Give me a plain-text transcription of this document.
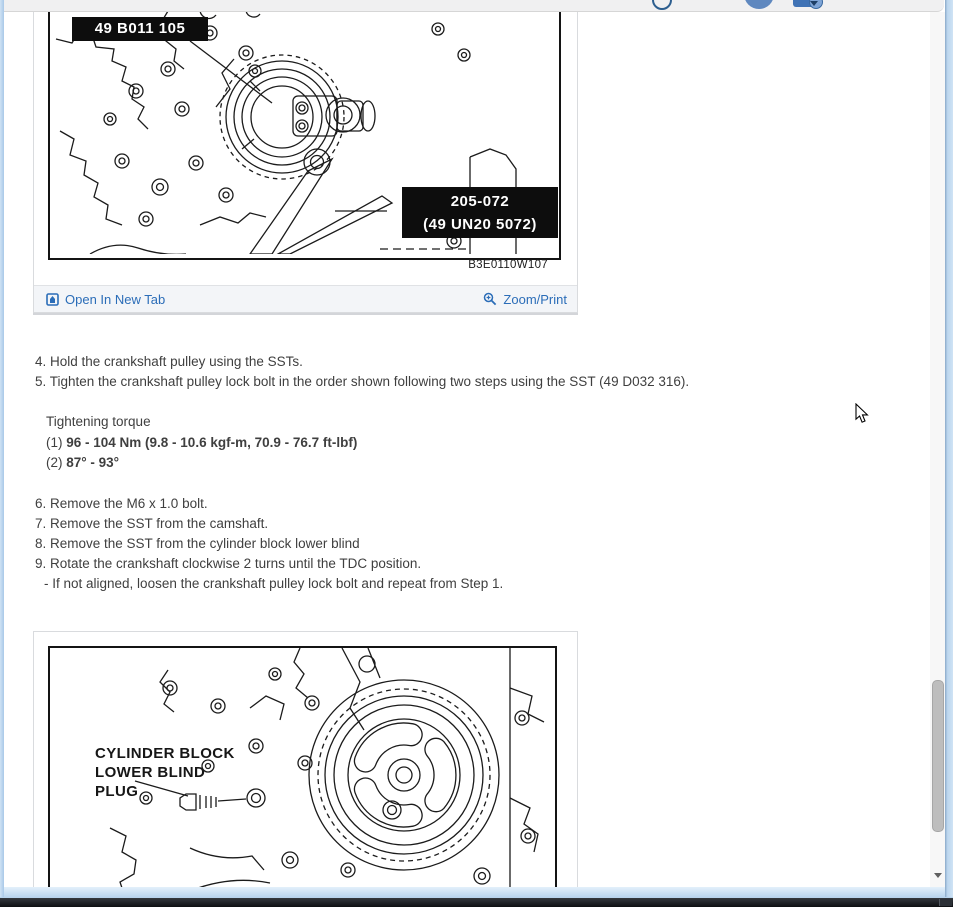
49 B011 105
205-072
(49 UN20 5072)
B3E0110W107
Open In New Tab	Zoom/Print
4. Hold the crankshaft pulley using the SSTs.
5. Tighten the crankshaft pulley lock bolt in the order shown following two steps using the SST (49 D032 316).
Tightening torque
(1) 96 - 104 Nm (9.8 - 10.6 kgf-m, 70.9 - 76.7 ft-lbf)
(2) 87° - 93°
6. Remove the M6 x 1.0 bolt.
7. Remove the SST from the camshaft.
8. Remove the SST from the cylinder block lower blind
9. Rotate the crankshaft clockwise 2 turns until the TDC position.
- If not aligned, loosen the crankshaft pulley lock bolt and repeat from Step 1.
CYLINDER BLOCK
LOWER BLIND
PLUG
